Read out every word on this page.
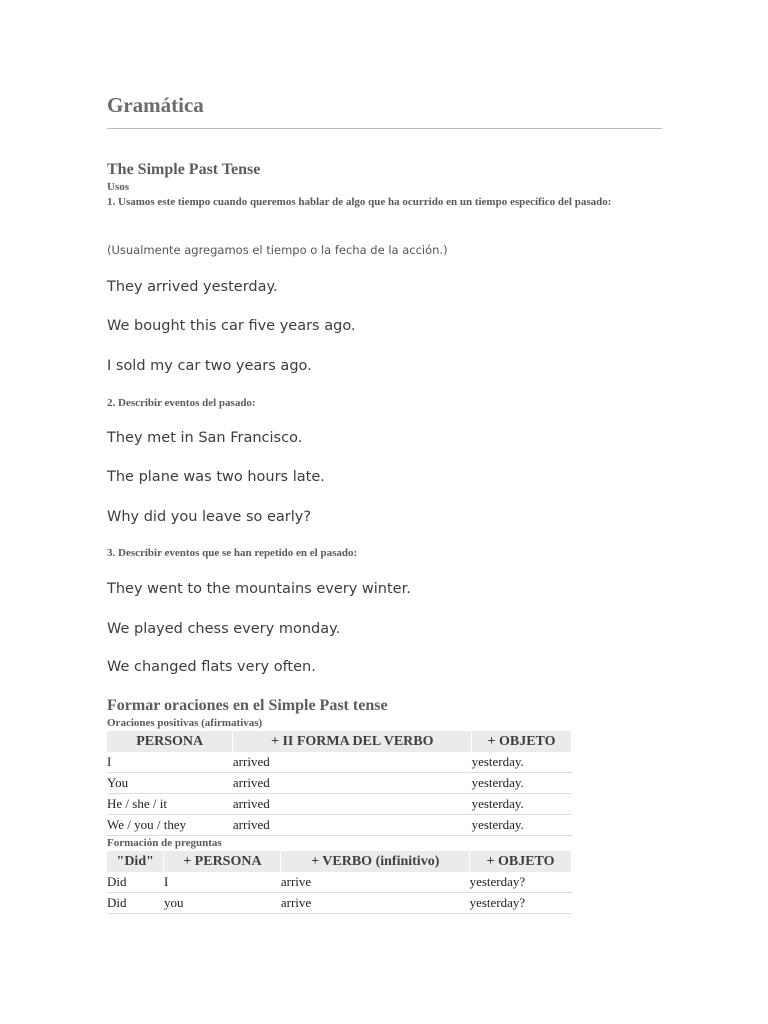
Gramática
The Simple Past Tense

Usos

1. Usamos este tiempo cuando queremos hablar de algo que ha ocurrido en un tiempo específico del pasado:

(Usualmente agregamos el tiempo o la fecha de la acción.)

They arrived yesterday.

We bought this car five years ago.

I sold my car two years ago.

2. Describir eventos del pasado:

They met in San Francisco.

The plane was two hours late.

Why did you leave so early?

3. Describir eventos que se han repetido en el pasado:

They went to the mountains every winter.

We played chess every monday.

We changed flats very often.

Formar oraciones en el Simple Past tense

Oraciones positivas (afirmativas)

PERSONA	+ II FORMA DEL VERBO	+ OBJETO
I	arrived	yesterday.
You	arrived	yesterday.
He / she / it	arrived	yesterday.
We / you / they	arrived	yesterday.

Formación de preguntas

"Did"	+ PERSONA	+ VERBO (infinitivo)	+ OBJETO
Did	I	arrive	yesterday?
Did	you	arrive	yesterday?
